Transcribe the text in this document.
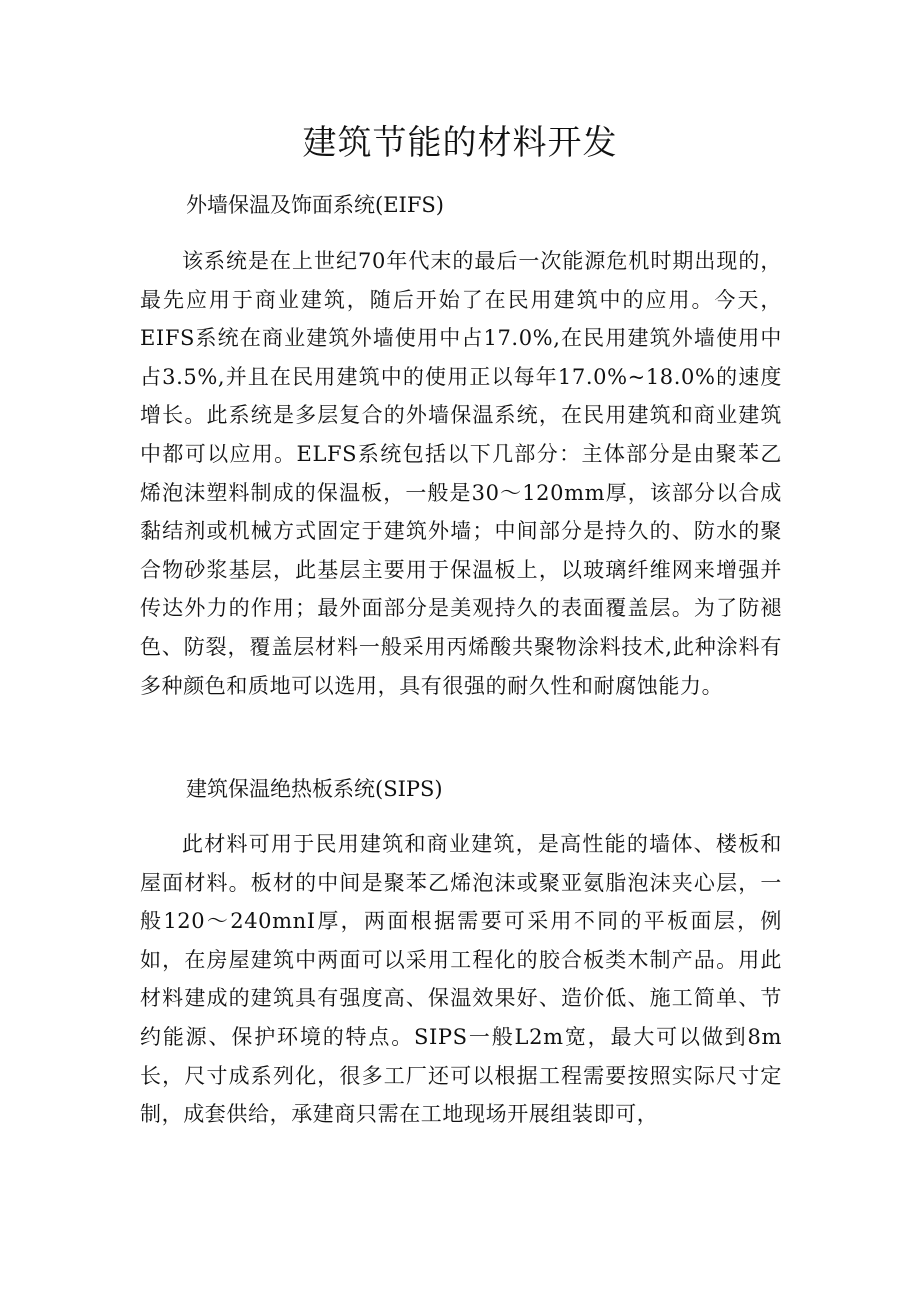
建筑节能的材料开发
外墙保温及饰面系统(EIFS)

该系统是在上世纪70年代末的最后一次能源危机时期出现的，最先应用于商业建筑，随后开始了在民用建筑中的应用。今天，EIFS系统在商业建筑外墙使用中占17.0%,在民用建筑外墙使用中占3.5%,并且在民用建筑中的使用正以每年17.0%~18.0%的速度增长。此系统是多层复合的外墙保温系统，在民用建筑和商业建筑中都可以应用。ELFS系统包括以下几部分：主体部分是由聚苯乙烯泡沫塑料制成的保温板，一般是30～120mm厚，该部分以合成黏结剂或机械方式固定于建筑外墙；中间部分是持久的、防水的聚合物砂浆基层，此基层主要用于保温板上，以玻璃纤维网来增强并传达外力的作用；最外面部分是美观持久的表面覆盖层。为了防褪色、防裂，覆盖层材料一般采用丙烯酸共聚物涂料技术,此种涂料有多种颜色和质地可以选用，具有很强的耐久性和耐腐蚀能力。

建筑保温绝热板系统(SIPS)

此材料可用于民用建筑和商业建筑，是高性能的墙体、楼板和屋面材料。板材的中间是聚苯乙烯泡沫或聚亚氨脂泡沫夹心层，一般120～240mnI厚，两面根据需要可采用不同的平板面层，例如，在房屋建筑中两面可以采用工程化的胶合板类木制产品。用此材料建成的建筑具有强度高、保温效果好、造价低、施工简单、节约能源、保护环境的特点。SIPS一般L2m宽，最大可以做到8m长，尺寸成系列化，很多工厂还可以根据工程需要按照实际尺寸定制，成套供给，承建商只需在工地现场开展组装即可，
